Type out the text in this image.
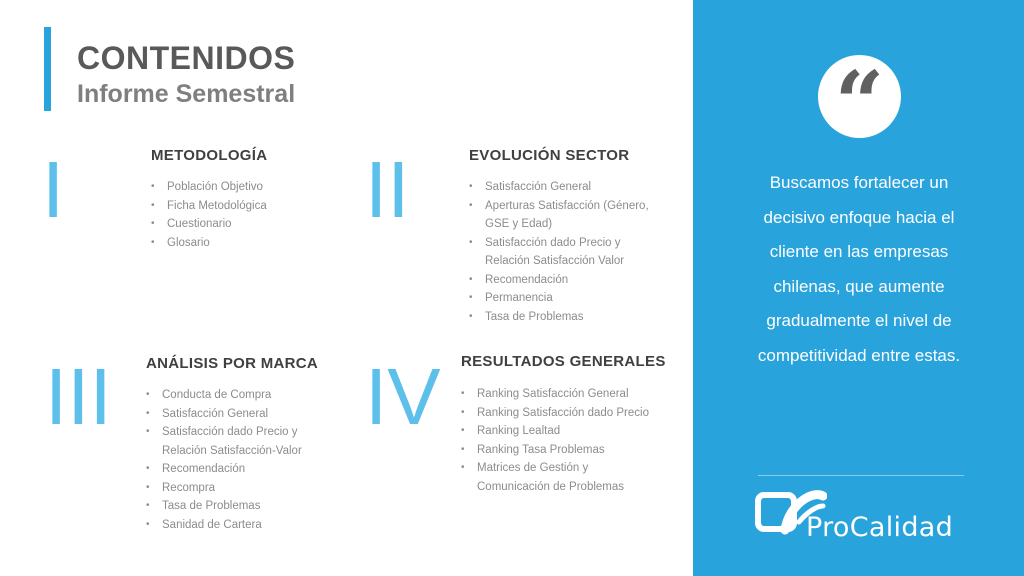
CONTENIDOS
Informe Semestral
I	METODOLOGÍA
• Población Objetivo
• Ficha Metodológica
• Cuestionario
• Glosario
II	EVOLUCIÓN SECTOR
• Satisfacción General
• Aperturas Satisfacción (Género,
GSE y Edad)
• Satisfacción dado Precio y
Relación Satisfacción Valor
• Recomendación
• Permanencia
• Tasa de Problemas
III ANÁLISIS POR MARCA
• Conducta de Compra
• Satisfacción General
• Satisfacción dado Precio y
Relación Satisfacción-Valor
• Recomendación
• Recompra
• Tasa de Problemas
• Sanidad de Cartera
IV RESULTADOS GENERALES
• Ranking Satisfacción General
• Ranking Satisfacción dado Precio
• Ranking Lealtad
• Ranking Tasa Problemas
• Matrices de Gestión y
Comunicación de Problemas
“

Buscamos fortalecer un decisivo enfoque hacia el cliente en las empresas chilenas, que aumente gradualmente el nivel de competitividad entre estas.

ProCalidad
